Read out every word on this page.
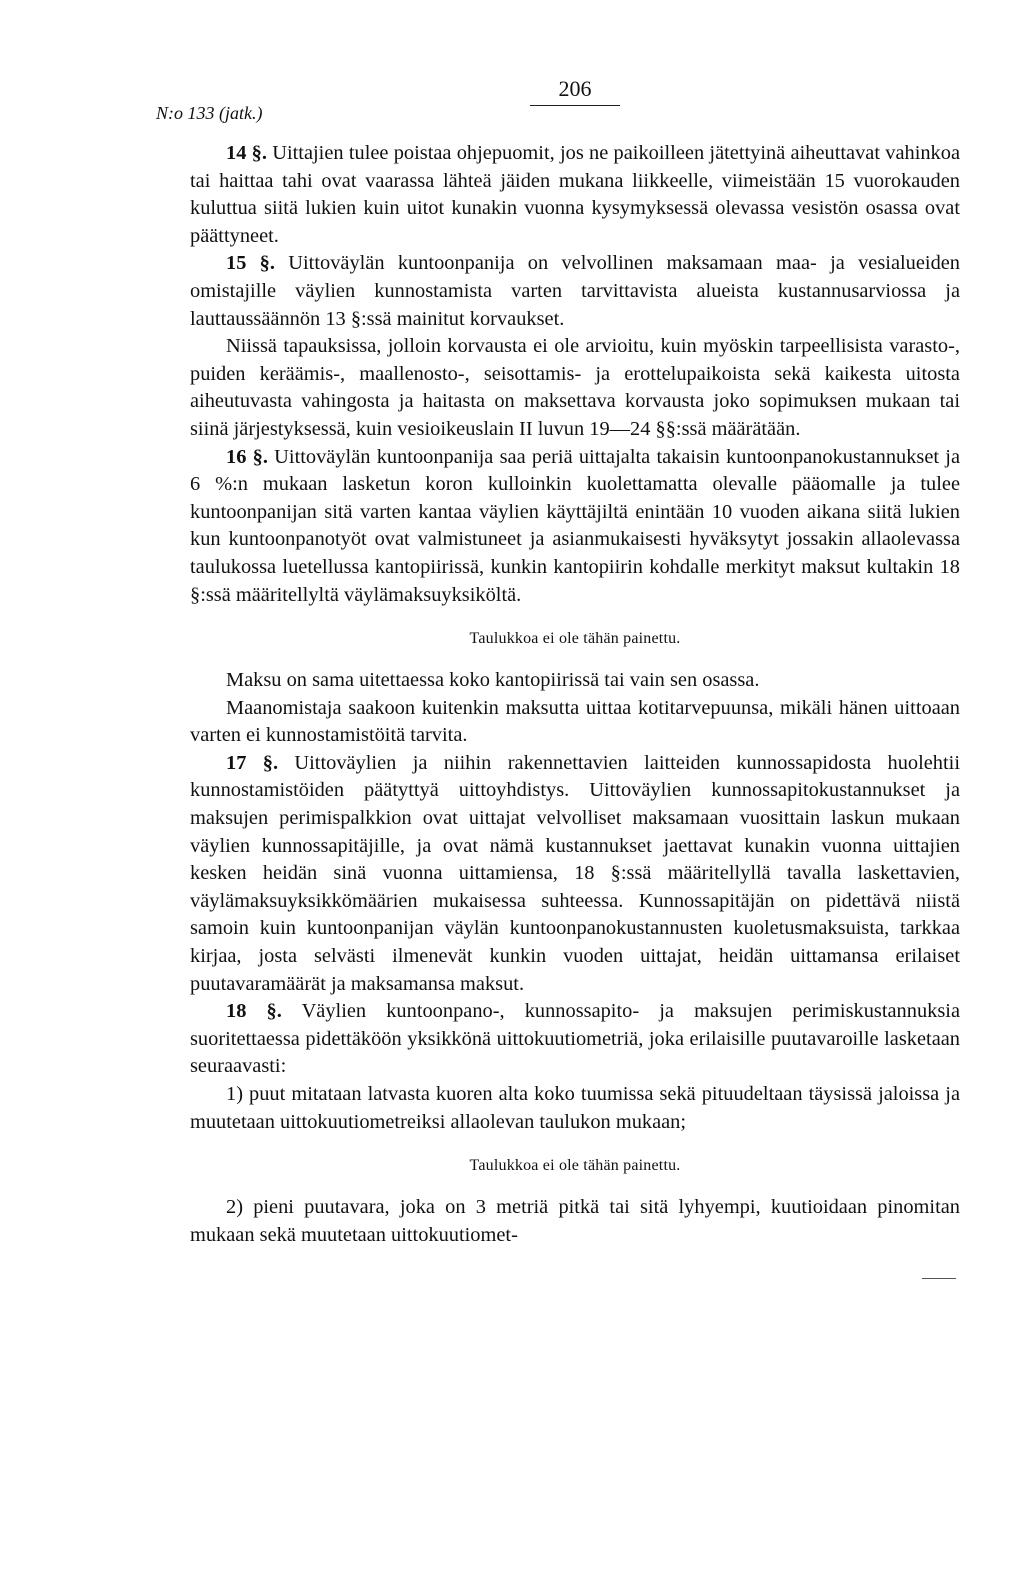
N:o 133 (jatk.)

206

14 §. Uittajien tulee poistaa ohjepuomit, jos ne paikoilleen jätettyinä aiheuttavat vahinkoa tai haittaa tahi ovat vaarassa lähteä jäiden mukana liikkeelle, viimeistään 15 vuorokauden kuluttua siitä lukien kuin uitot kunakin vuonna kysymyksessä olevassa vesistön osassa ovat päättyneet.

15 §. Uittoväylän kuntoonpanija on velvollinen maksamaan maa- ja vesialueiden omistajille väylien kunnostamista varten tarvittavista alueista kustannusarviossa ja lauttaussäännön 13 §:ssä mainitut korvaukset.

Niissä tapauksissa, jolloin korvausta ei ole arvioitu, kuin myöskin tarpeellisista varasto-, puiden keräämis-, maallenosto-, seisottamis- ja erottelupaikoista sekä kaikesta uitosta aiheutuvasta vahingosta ja haitasta on maksettava korvausta joko sopimuksen mukaan tai siinä järjestyksessä, kuin vesioikeuslain II luvun 19—24 §§:ssä määrätään.

16 §. Uittoväylän kuntoonpanija saa periä uittajalta takaisin kuntoonpanokustannukset ja 6 %:n mukaan lasketun koron kulloinkin kuolettamatta olevalle pääomalle ja tulee kuntoonpanijan sitä varten kantaa väylien käyttäjiltä enintään 10 vuoden aikana siitä lukien kun kuntoonpanotyöt ovat valmistuneet ja asianmukaisesti hyväksytyt jossakin allaolevassa taulukossa luetellussa kantopiirissä, kunkin kantopiirin kohdalle merkityt maksut kultakin 18 §:ssä määritellyltä väylämaksuyksiköltä.

Taulukkoa ei ole tähän painettu.

Maksu on sama uitettaessa koko kantopiirissä tai vain sen osassa.

Maanomistaja saakoon kuitenkin maksutta uittaa kotitarvepuunsa, mikäli hänen uittoaan varten ei kunnostamistöitä tarvita.

17 §. Uittoväylien ja niihin rakennettavien laitteiden kunnossapidosta huolehtii kunnostamistöiden päätyttyä uittoyhdistys. Uittoväylien kunnossapitokustannukset ja maksujen perimispalkkion ovat uittajat velvolliset maksamaan vuosittain laskun mukaan väylien kunnossapitäjille, ja ovat nämä kustannukset jaettavat kunakin vuonna uittajien kesken heidän sinä vuonna uittamiensa, 18 §:ssä määritellyllä tavalla laskettavien, väylämaksuyksikkömäärien mukaisessa suhteessa. Kunnossapitäjän on pidettävä niistä samoin kuin kuntoonpanijan väylän kuntoonpanokustannusten kuoletusmaksuista, tarkkaa kirjaa, josta selvästi ilmenevät kunkin vuoden uittajat, heidän uittamansa erilaiset puutavaramäärät ja maksamansa maksut.

18 §. Väylien kuntoonpano-, kunnossapito- ja maksujen perimiskustannuksia suoritettaessa pidettäköön yksikkönä uittokuutiometriä, joka erilaisille puutavaroille lasketaan seuraavasti:

1) puut mitataan latvasta kuoren alta koko tuumissa sekä pituudeltaan täysissä jaloissa ja muutetaan uittokuutiometreiksi allaolevan taulukon mukaan;

Taulukkoa ei ole tähän painettu.

2) pieni puutavara, joka on 3 metriä pitkä tai sitä lyhyempi, kuutioidaan pinomitan mukaan sekä muutetaan uittokuutiomet-
